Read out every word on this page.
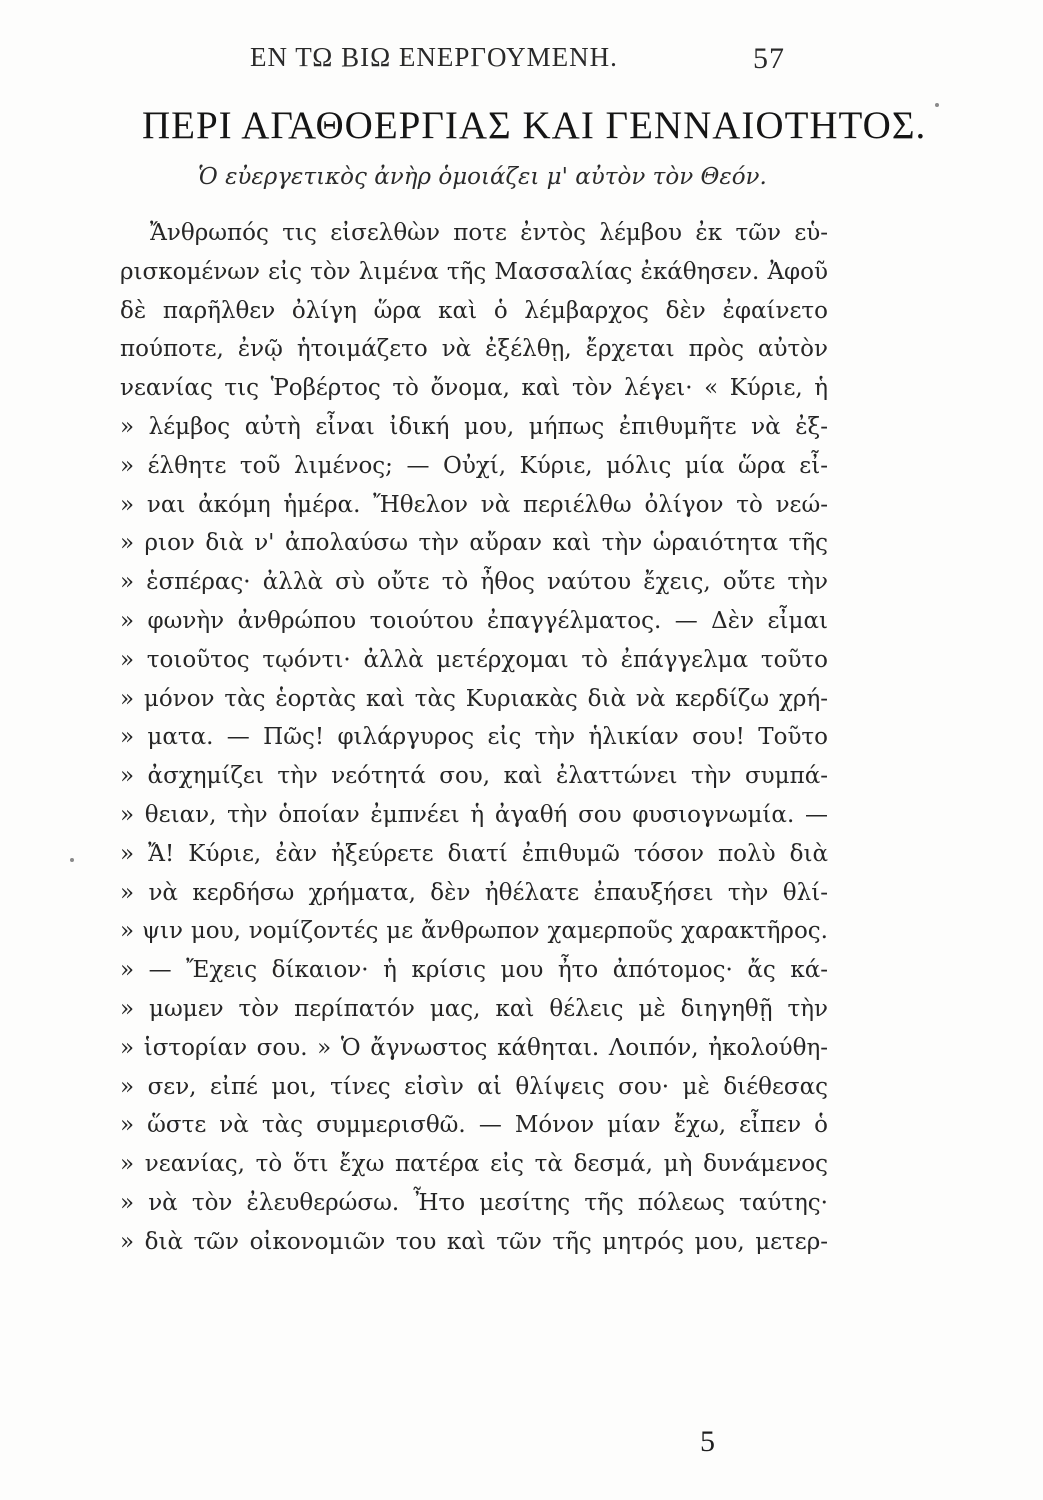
ΕΝ ΤΩ ΒΙΩ ΕΝΕΡΓΟΥΜΕΝΗ.	57
ΠΕΡΙ ΑΓΑΘΟΕΡΓΙΑΣ ΚΑΙ ΓΕΝΝΑΙΟΤΗΤΟΣ.
Ὁ εὐεργετικὸς ἀνὴρ ὁμοιάζει μ' αὐτὸν τὸν Θεόν.
Ἄνθρωπός τις εἰσελθὼν ποτε ἐντὸς λέμβου ἐκ τῶν εὑ-
ρισκομένων εἰς τὸν λιμένα τῆς Μασσαλίας ἐκάθησεν. Ἀφοῦ
δὲ παρῆλθεν ὀλίγη ὥρα καὶ ὁ λέμβαρχος δὲν ἐφαίνετο
πούποτε, ἐνῷ ἡτοιμάζετο νὰ ἐξέλθῃ, ἔρχεται πρὸς αὐτὸν
νεανίας τις Ῥοβέρτος τὸ ὄνομα, καὶ τὸν λέγει· « Κύριε, ἡ
» λέμβος αὐτὴ εἶναι ἰδική μου, μήπως ἐπιθυμῆτε νὰ ἐξ-
» έλθητε τοῦ λιμένος; — Οὐχί, Κύριε, μόλις μία ὥρα εἶ-
» ναι ἀκόμη ἡμέρα. Ἤθελον νὰ περιέλθω ὀλίγον τὸ νεώ-
» ριον διὰ ν' ἀπολαύσω τὴν αὔραν καὶ τὴν ὡραιότητα τῆς
» ἑσπέρας· ἀλλὰ σὺ οὔτε τὸ ἦθος ναύτου ἔχεις, οὔτε τὴν
» φωνὴν ἀνθρώπου τοιούτου ἐπαγγέλματος. — Δὲν εἶμαι
» τοιοῦτος τῳόντι· ἀλλὰ μετέρχομαι τὸ ἐπάγγελμα τοῦτο
» μόνον τὰς ἑορτὰς καὶ τὰς Κυριακὰς διὰ νὰ κερδίζω χρή-
» ματα. — Πῶς! φιλάργυρος εἰς τὴν ἡλικίαν σου! Τοῦτο
» ἀσχημίζει τὴν νεότητά σου, καὶ ἐλαττώνει τὴν συμπά-
» θειαν, τὴν ὁποίαν ἐμπνέει ἡ ἀγαθή σου φυσιογνωμία. —
» Ἄ! Κύριε, ἐὰν ἠξεύρετε διατί ἐπιθυμῶ τόσον πολὺ διὰ
» νὰ κερδήσω χρήματα, δὲν ἠθέλατε ἐπαυξήσει τὴν θλί-
» ψιν μου, νομίζοντές με ἄνθρωπον χαμερποῦς χαρακτῆρος.
» — Ἔχεις δίκαιον· ἡ κρίσις μου ἦτο ἀπότομος· ἄς κά-
» μωμεν τὸν περίπατόν μας, καὶ θέλεις μὲ διηγηθῇ τὴν
» ἱστορίαν σου. » Ὁ ἄγνωστος κάθηται. Λοιπόν, ἠκολούθη-
» σεν, εἰπέ μοι, τίνες εἰσὶν αἱ θλίψεις σου· μὲ διέθεσας
» ὥστε νὰ τὰς συμμερισθῶ. — Μόνον μίαν ἔχω, εἶπεν ὁ
» νεανίας, τὸ ὅτι ἔχω πατέρα εἰς τὰ δεσμά, μὴ δυνάμενος
» νὰ τὸν ἐλευθερώσω. Ἦτο μεσίτης τῆς πόλεως ταύτης·
» διὰ τῶν οἰκονομιῶν του καὶ τῶν τῆς μητρός μου, μετερ-
5
